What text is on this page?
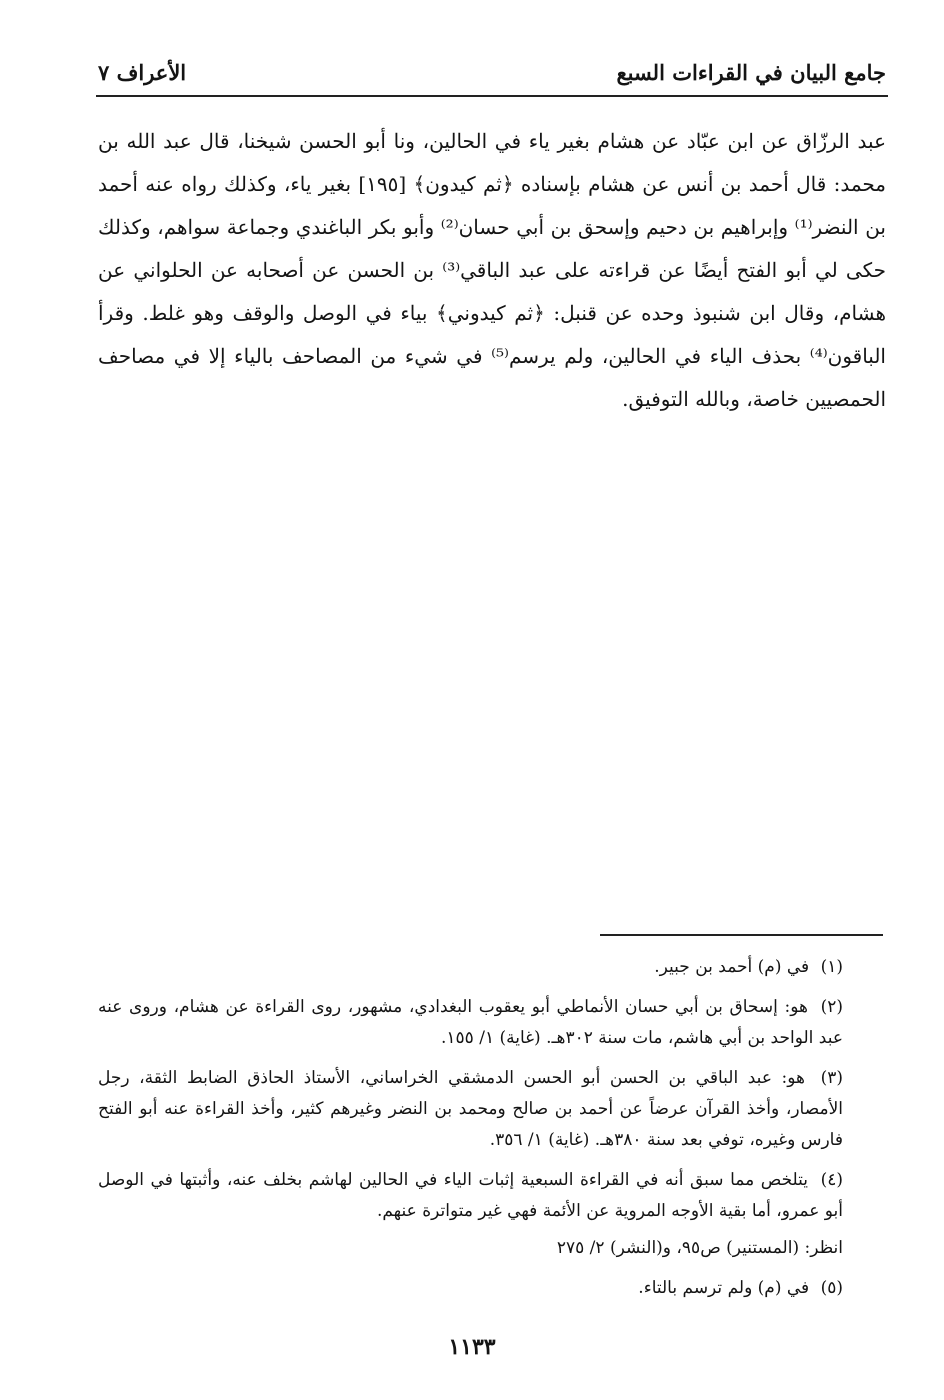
جامع البيان في القراءات السبع
الأعراف ٧

عبد الرزّاق عن ابن عبّاد عن هشام بغير ياء في الحالين، ونا أبو الحسن شيخنا، قال عبد الله بن محمد: قال أحمد بن أنس عن هشام بإسناده ﴿ثم كيدون﴾ [١٩٥] بغير ياء، وكذلك رواه عنه أحمد بن النضر⁽¹⁾ وإبراهيم بن دحيم وإسحق بن أبي حسان⁽²⁾ وأبو بكر الباغندي وجماعة سواهم، وكذلك حكى لي أبو الفتح أيضًا عن قراءته على عبد الباقي⁽³⁾ بن الحسن عن أصحابه عن الحلواني عن هشام، وقال ابن شنبوذ وحده عن قنبل: ﴿ثم كيدوني﴾ بياء في الوصل والوقف وهو غلط. وقرأ الباقون⁽⁴⁾ بحذف الياء في الحالين، ولم يرسم⁽⁵⁾ في شيء من المصاحف بالياء إلا في مصاحف الحمصيين خاصة، وبالله التوفيق.

(١) في (م) أحمد بن جبير.
(٢) هو: إسحاق بن أبي حسان الأنماطي أبو يعقوب البغدادي، مشهور، روى القراءة عن هشام، وروى عنه عبد الواحد بن أبي هاشم، مات سنة ٣٠٢هـ. (غاية) ١/ ١٥٥.
(٣) هو: عبد الباقي بن الحسن أبو الحسن الدمشقي الخراساني، الأستاذ الحاذق الضابط الثقة، رجل الأمصار، وأخذ القرآن عرضاً عن أحمد بن صالح ومحمد بن النضر وغيرهم كثير، وأخذ القراءة عنه أبو الفتح فارس وغيره، توفي بعد سنة ٣٨٠هـ. (غاية) ١/ ٣٥٦.
(٤) يتلخص مما سبق أنه في القراءة السبعية إثبات الياء في الحالين لهاشم بخلف عنه، وأثبتها في الوصل أبو عمرو، أما بقية الأوجه المروية عن الأئمة فهي غير متواترة عنهم.
انظر: (المستنير) ص٩٥، و(النشر) ٢/ ٢٧٥
(٥) في (م) ولم ترسم بالتاء.
١١٣٣
